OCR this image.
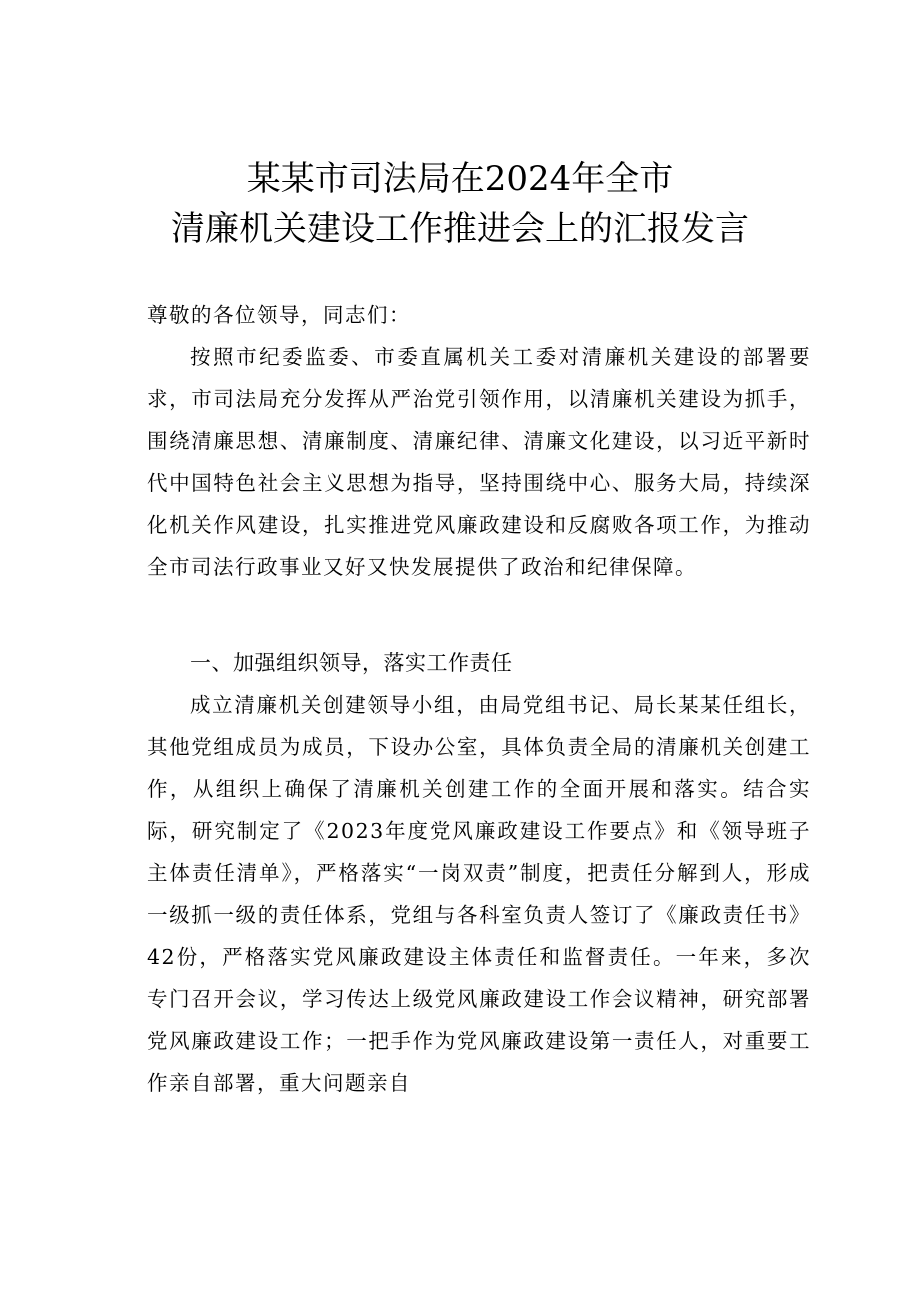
某某市司法局在2024年全市
清廉机关建设工作推进会上的汇报发言
尊敬的各位领导，同志们：
按照市纪委监委、市委直属机关工委对清廉机关建设的部署要求，市司法局充分发挥从严治党引领作用，以清廉机关建设为抓手，围绕清廉思想、清廉制度、清廉纪律、清廉文化建设，以习近平新时代中国特色社会主义思想为指导，坚持围绕中心、服务大局，持续深化机关作风建设，扎实推进党风廉政建设和反腐败各项工作，为推动全市司法行政事业又好又快发展提供了政治和纪律保障。
一、加强组织领导，落实工作责任
成立清廉机关创建领导小组，由局党组书记、局长某某任组长，其他党组成员为成员，下设办公室，具体负责全局的清廉机关创建工作，从组织上确保了清廉机关创建工作的全面开展和落实。结合实际，研究制定了《2023年度党风廉政建设工作要点》和《领导班子主体责任清单》，严格落实“一岗双责”制度，把责任分解到人，形成一级抓一级的责任体系，党组与各科室负责人签订了《廉政责任书》42份，严格落实党风廉政建设主体责任和监督责任。一年来，多次专门召开会议，学习传达上级党风廉政建设工作会议精神，研究部署党风廉政建设工作；一把手作为党风廉政建设第一责任人，对重要工作亲自部署，重大问题亲自
